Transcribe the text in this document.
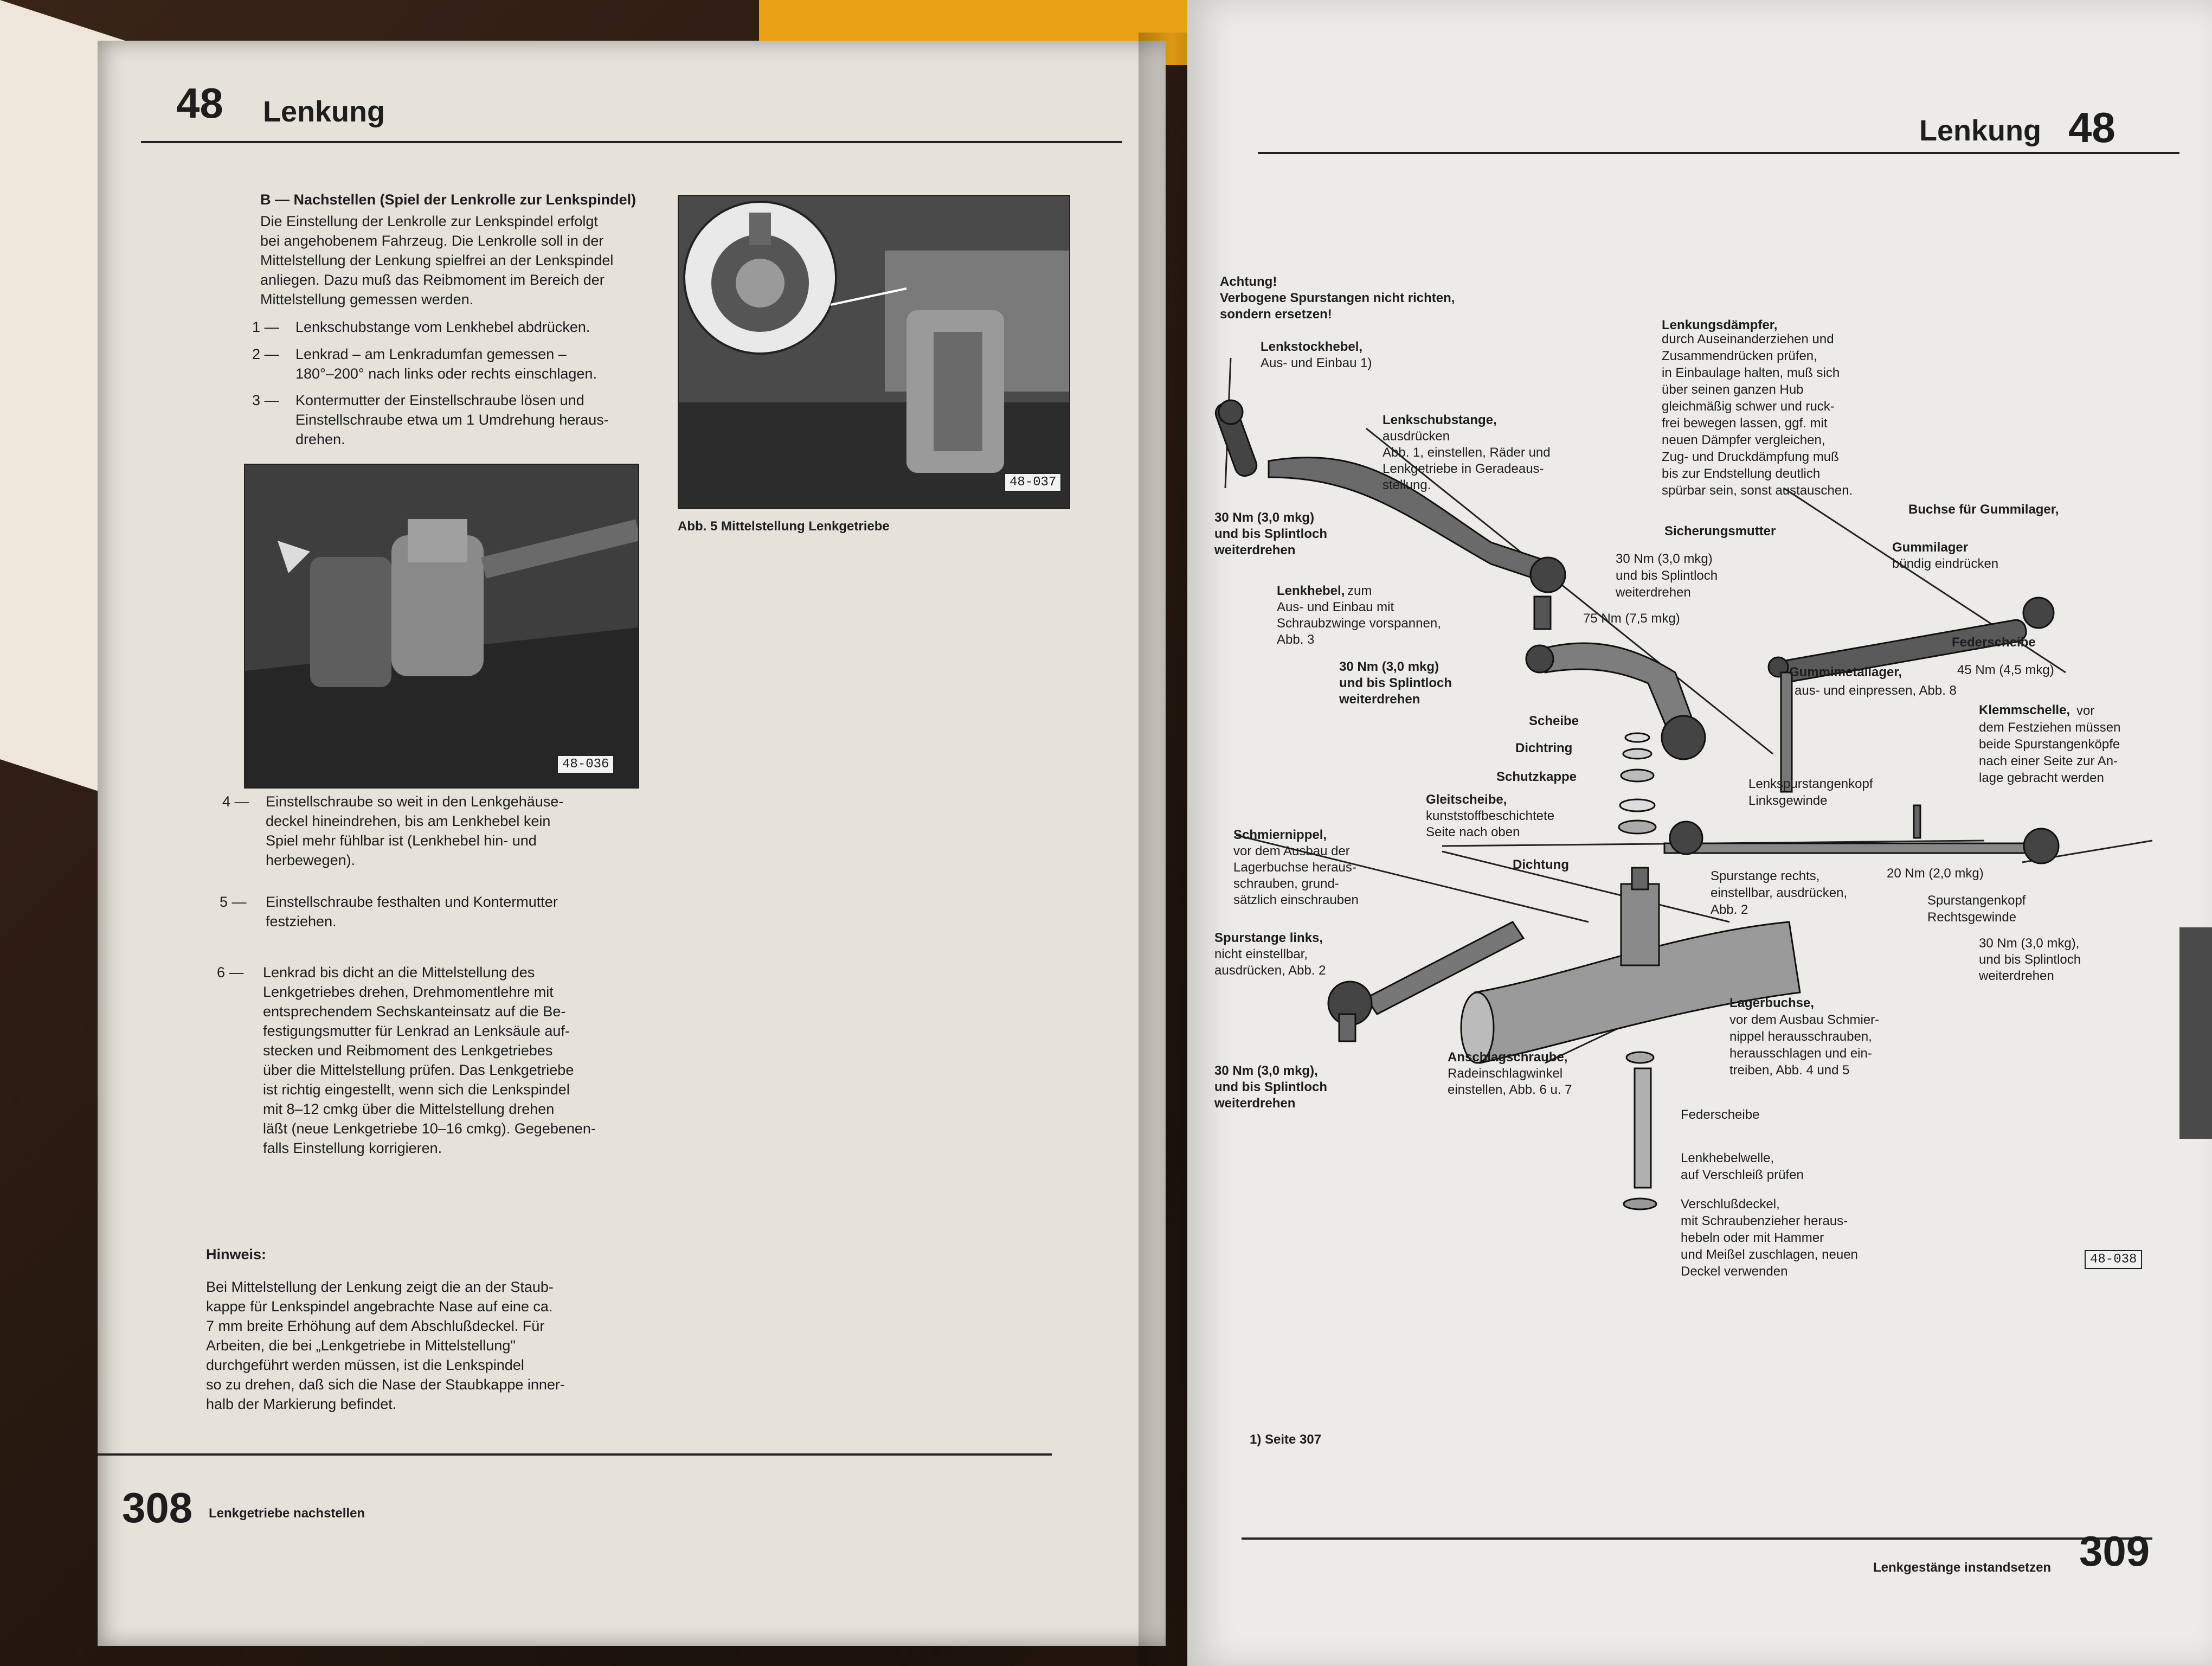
48 Lenkung
B — Nachstellen (Spiel der Lenkrolle zur Lenkspindel)
Die Einstellung der Lenkrolle zur Lenkspindel erfolgt
bei angehobenem Fahrzeug. Die Lenkrolle soll in der
Mittelstellung der Lenkung spielfrei an der Lenkspindel
anliegen. Dazu muß das Reibmoment im Bereich der
Mittelstellung gemessen werden.
1 — Lenkschubstange vom Lenkhebel abdrücken.
2 — Lenkrad – am Lenkradumfan gemessen –
180°–200° nach links oder rechts einschlagen.
3 — Kontermutter der Einstellschraube lösen und
Einstellschraube etwa um 1 Umdrehung heraus-
drehen.
48-037
Abb. 5 Mittelstellung Lenkgetriebe
48-036
4 — Einstellschraube so weit in den Lenkgehäuse-
deckel hineindrehen, bis am Lenkhebel kein
Spiel mehr fühlbar ist (Lenkhebel hin- und
herbewegen).
5 — Einstellschraube festhalten und Kontermutter
festziehen.
6 — Lenkrad bis dicht an die Mittelstellung des
Lenkgetriebes drehen, Drehmomentlehre mit
entsprechendem Sechskanteinsatz auf die Be-
festigungsmutter für Lenkrad an Lenksäule auf-
stecken und Reibmoment des Lenkgetriebes
über die Mittelstellung prüfen. Das Lenkgetriebe
ist richtig eingestellt, wenn sich die Lenkspindel
mit 8–12 cmkg über die Mittelstellung drehen
läßt (neue Lenkgetriebe 10–16 cmkg). Gegebenen-
falls Einstellung korrigieren.
Hinweis:
Bei Mittelstellung der Lenkung zeigt die an der Staub-
kappe für Lenkspindel angebrachte Nase auf eine ca.
7 mm breite Erhöhung auf dem Abschlußdeckel. Für
Arbeiten, die bei „Lenkgetriebe in Mittelstellung"
durchgeführt werden müssen, ist die Lenkspindel
so zu drehen, daß sich die Nase der Staubkappe inner-
halb der Markierung befindet.
308 Lenkgetriebe nachstellen
Lenkung 48
Achtung!
Verbogene Spurstangen nicht richten,
sondern ersetzen!
Lenkstockhebel,
Aus- und Einbau 1)
30 Nm (3,0 mkg)
und bis Splintloch
weiterdrehen
Lenkschubstange,
ausdrücken
Abb. 1, einstellen, Räder und
Lenkgetriebe in Geradeaus-
stellung.
Lenkungsdämpfer,
durch Auseinanderziehen und
Zusammendrücken prüfen,
in Einbaulage halten, muß sich
über seinen ganzen Hub
gleichmäßig schwer und ruck-
frei bewegen lassen, ggf. mit
neuen Dämpfer vergleichen,
Zug- und Druckdämpfung muß
bis zur Endstellung deutlich
spürbar sein, sonst austauschen.
Buchse für Gummilager,
Sicherungsmutter
Gummilager
bündig eindrücken
30 Nm (3,0 mkg)
und bis Splintloch
weiterdrehen
75 Nm (7,5 mkg)
Lenkhebel, zum
Aus- und Einbau mit
Schraubzwinge vorspannen,
Abb. 3	Federscheibe
45 Nm (4,5 mkg)
Gummimetallager,
aus- und einpressen, Abb. 8
30 Nm (3,0 mkg)
und bis Splintloch
weiterdrehen
Scheibe
Dichtring
Schutzkappe
Klemmschelle, vor
dem Festziehen müssen
beide Spurstangenköpfe
nach einer Seite zur An-
lage gebracht werden
Lenkspurstangenkopf
Linksgewinde
Gleitscheibe,
kunststoffbeschichtete
Seite nach oben
Schmiernippel,
vor dem Ausbau der
Lagerbuchse heraus-
schrauben, grund-
sätzlich einschrauben
Dichtung
Spurstange rechts,
einstellbar, ausdrücken,
Abb. 2
20 Nm (2,0 mkg)
Spurstangenkopf
Rechtsgewinde
Spurstange links,
nicht einstellbar,
ausdrücken, Abb. 2
30 Nm (3,0 mkg),
und bis Splintloch
weiterdrehen
Lagerbuchse,
vor dem Ausbau Schmier-
nippel herausschrauben,
herausschlagen und ein-
treiben, Abb. 4 und 5
30 Nm (3,0 mkg),
und bis Splintloch
weiterdrehen
Anschlagschraube,
Radeinschlagwinkel
einstellen, Abb. 6 u. 7
Federscheibe
Lenkhebelwelle,
auf Verschleiß prüfen
Verschlußdeckel,
mit Schraubenzieher heraus-
hebeln oder mit Hammer
und Meißel zuschlagen, neuen
Deckel verwenden
48-038
1) Seite 307
Lenkgestänge instandsetzen 309
